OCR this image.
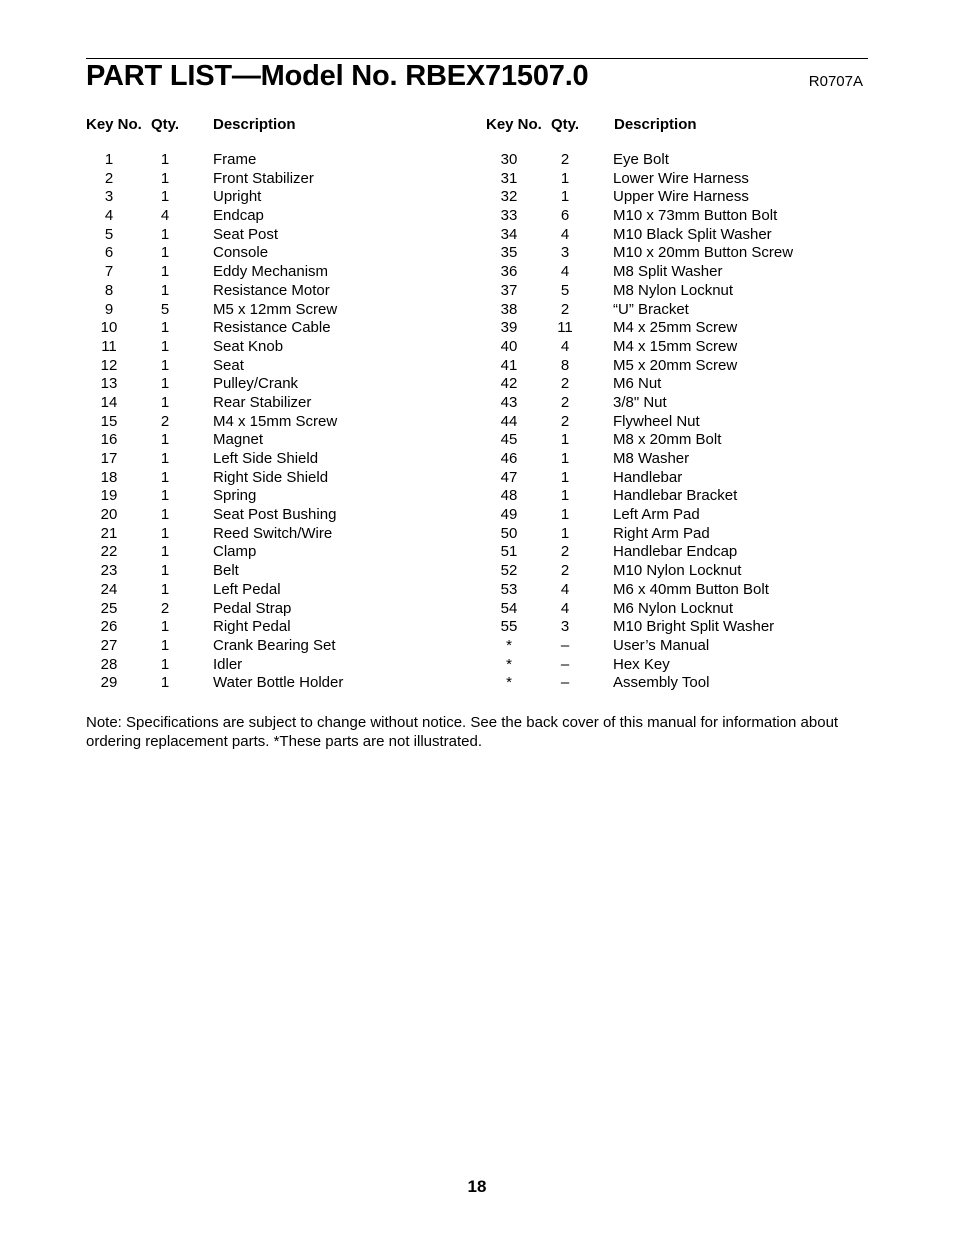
PART LIST—Model No. RBEX71507.0	R0707A
Key No. Qty. Description
1	1	Frame
2	1	Front Stabilizer
3	1	Upright
4	4	Endcap
5	1	Seat Post
6	1	Console
7	1	Eddy Mechanism
8	1	Resistance Motor
9	5	M5 x 12mm Screw
10	1	Resistance Cable
11	1	Seat Knob
12	1	Seat
13	1	Pulley/Crank
14	1	Rear Stabilizer
15	2	M4 x 15mm Screw
16	1	Magnet
17	1	Left Side Shield
18	1	Right Side Shield
19	1	Spring
20	1	Seat Post Bushing
21	1	Reed Switch/Wire
22	1	Clamp
23	1	Belt
24	1	Left Pedal
25	2	Pedal Strap
26	1	Right Pedal
27	1	Crank Bearing Set
28	1	Idler
29	1	Water Bottle Holder
Key No. Qty. Description
30	2	Eye Bolt
31	1	Lower Wire Harness
32	1	Upper Wire Harness
33	6	M10 x 73mm Button Bolt
34	4	M10 Black Split Washer
35	3	M10 x 20mm Button Screw
36	4	M8 Split Washer
37	5	M8 Nylon Locknut
38	2	“U” Bracket
39	11	M4 x 25mm Screw
40	4	M4 x 15mm Screw
41	8	M5 x 20mm Screw
42	2	M6 Nut
43	2	3/8" Nut
44	2	Flywheel Nut
45	1	M8 x 20mm Bolt
46	1	M8 Washer
47	1	Handlebar
48	1	Handlebar Bracket
49	1	Left Arm Pad
50	1	Right Arm Pad
51	2	Handlebar Endcap
52	2	M10 Nylon Locknut
53	4	M6 x 40mm Button Bolt
54	4	M6 Nylon Locknut
55	3	M10 Bright Split Washer
*	–	User’s Manual
*	–	Hex Key
*	–	Assembly Tool
Note: Specifications are subject to change without notice. See the back cover of this manual for information about ordering replacement parts. *These parts are not illustrated.
18
